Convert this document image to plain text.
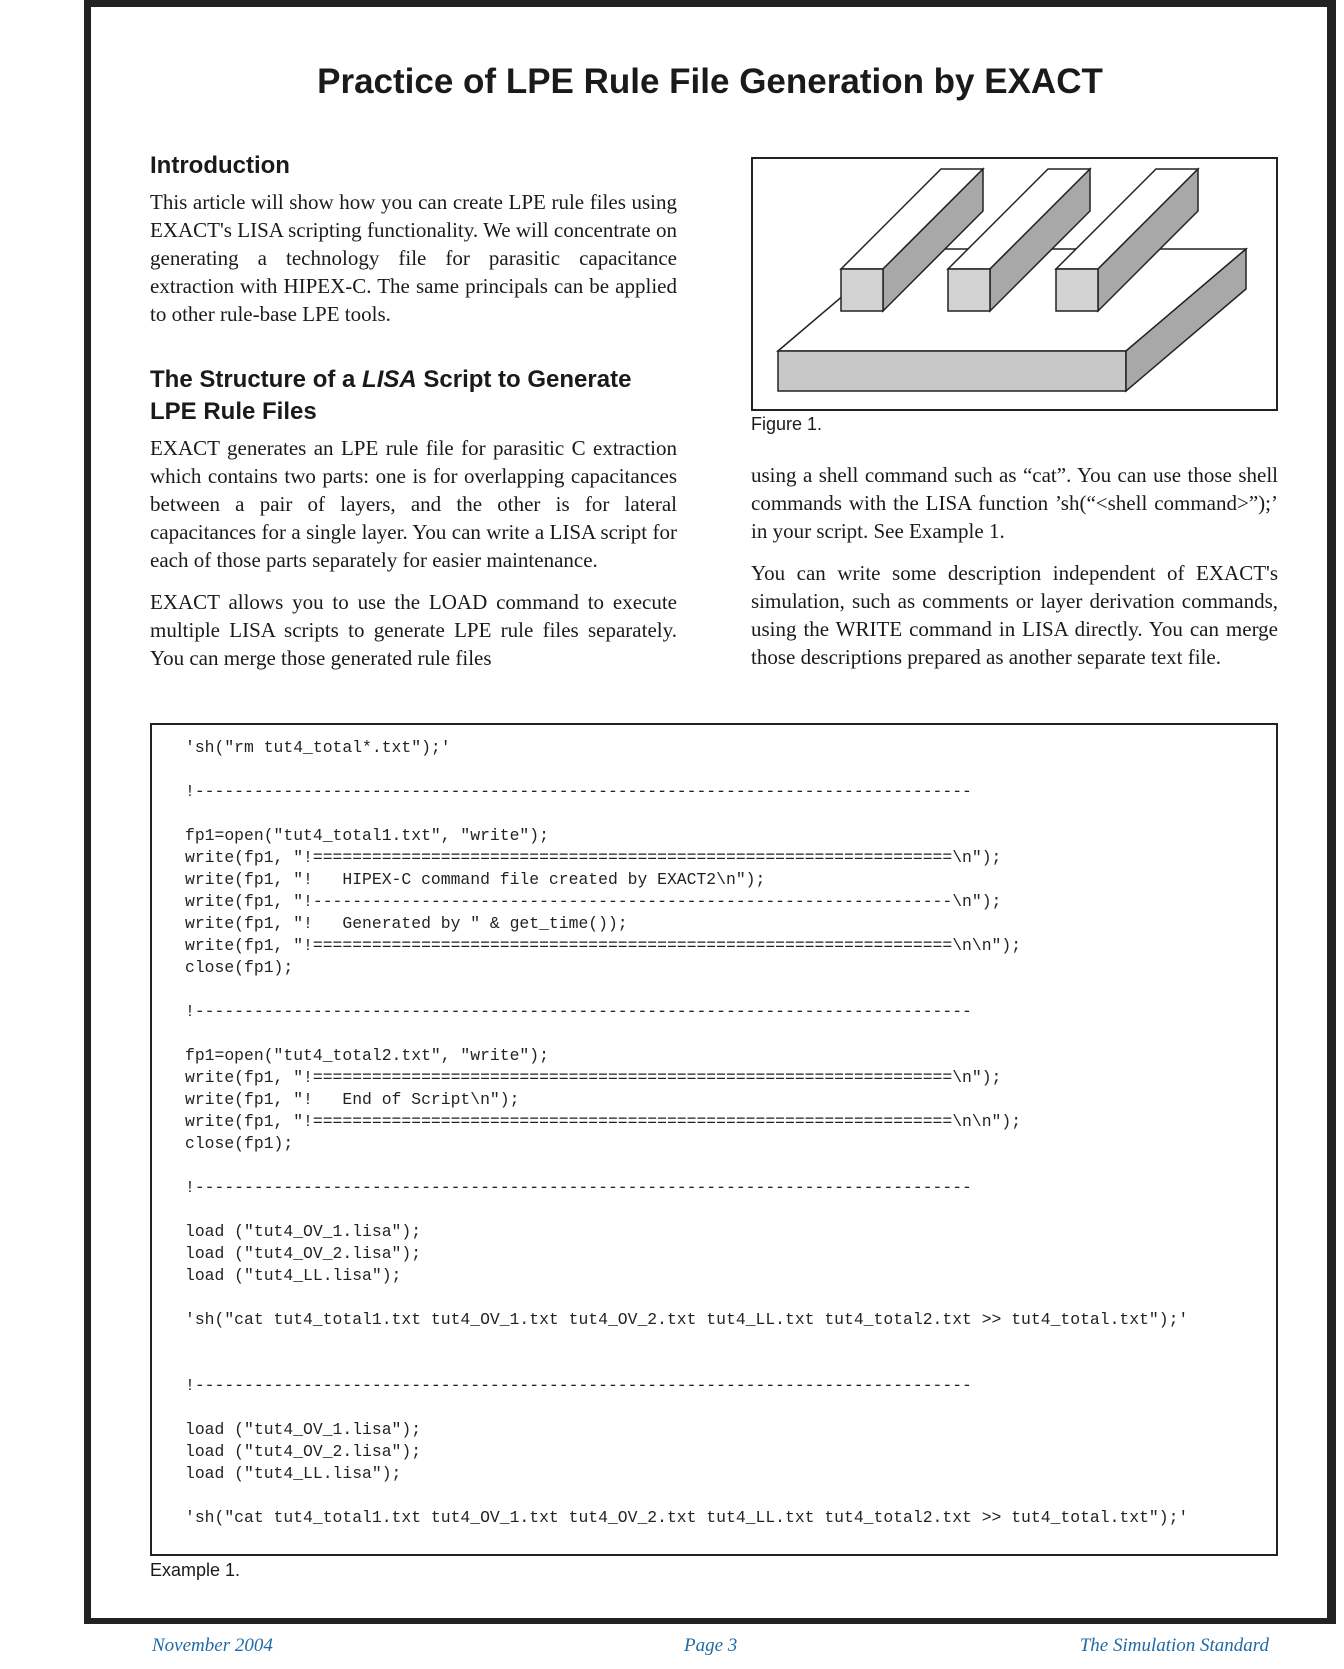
Practice of LPE Rule File Generation by EXACT
Introduction

This article will show how you can create LPE rule files using EXACT's LISA scripting functionality. We will concentrate on generating a technology file for parasitic capacitance extraction with HIPEX-C. The same principals can be applied to other rule-base LPE tools.

The Structure of a LISA Script to Generate LPE Rule Files

EXACT generates an LPE rule file for parasitic C extraction which contains two parts: one is for overlapping capacitances between a pair of layers, and the other is for lateral capacitances for a single layer. You can write a LISA script for each of those parts separately for easier maintenance.

EXACT allows you to use the LOAD command to execute multiple LISA scripts to generate LPE rule files separately. You can merge those generated rule files

Figure 1.

using a shell command such as “cat”. You can use those shell commands with the LISA function ’sh(“<shell command>”);’ in your script. See Example 1.

You can write some description independent of EXACT's simulation, such as comments or layer derivation commands, using the WRITE command in LISA directly. You can merge those descriptions prepared as another separate text file.

'sh("rm tut4_total*.txt");'
!-------------------------------------------------------------------------------
fp1=open("tut4_total1.txt", "write");
write(fp1, "!=================================================================\n");
write(fp1, "!   HIPEX-C command file created by EXACT2\n");
write(fp1, "!-----------------------------------------------------------------\n");
write(fp1, "!   Generated by " & get_time());
write(fp1, "!=================================================================\n\n");
close(fp1);
!-------------------------------------------------------------------------------
fp1=open("tut4_total2.txt", "write");
write(fp1, "!=================================================================\n");
write(fp1, "!   End of Script\n");
write(fp1, "!=================================================================\n\n");
close(fp1);
!-------------------------------------------------------------------------------
load ("tut4_OV_1.lisa");
load ("tut4_OV_2.lisa");
load ("tut4_LL.lisa");
'sh("cat tut4_total1.txt tut4_OV_1.txt tut4_OV_2.txt tut4_LL.txt tut4_total2.txt >> tut4_total.txt");'
!-------------------------------------------------------------------------------
load ("tut4_OV_1.lisa");
load ("tut4_OV_2.lisa");
load ("tut4_LL.lisa");
'sh("cat tut4_total1.txt tut4_OV_1.txt tut4_OV_2.txt tut4_LL.txt tut4_total2.txt >> tut4_total.txt");'
Example 1.
November 2004	Page 3	The Simulation Standard
